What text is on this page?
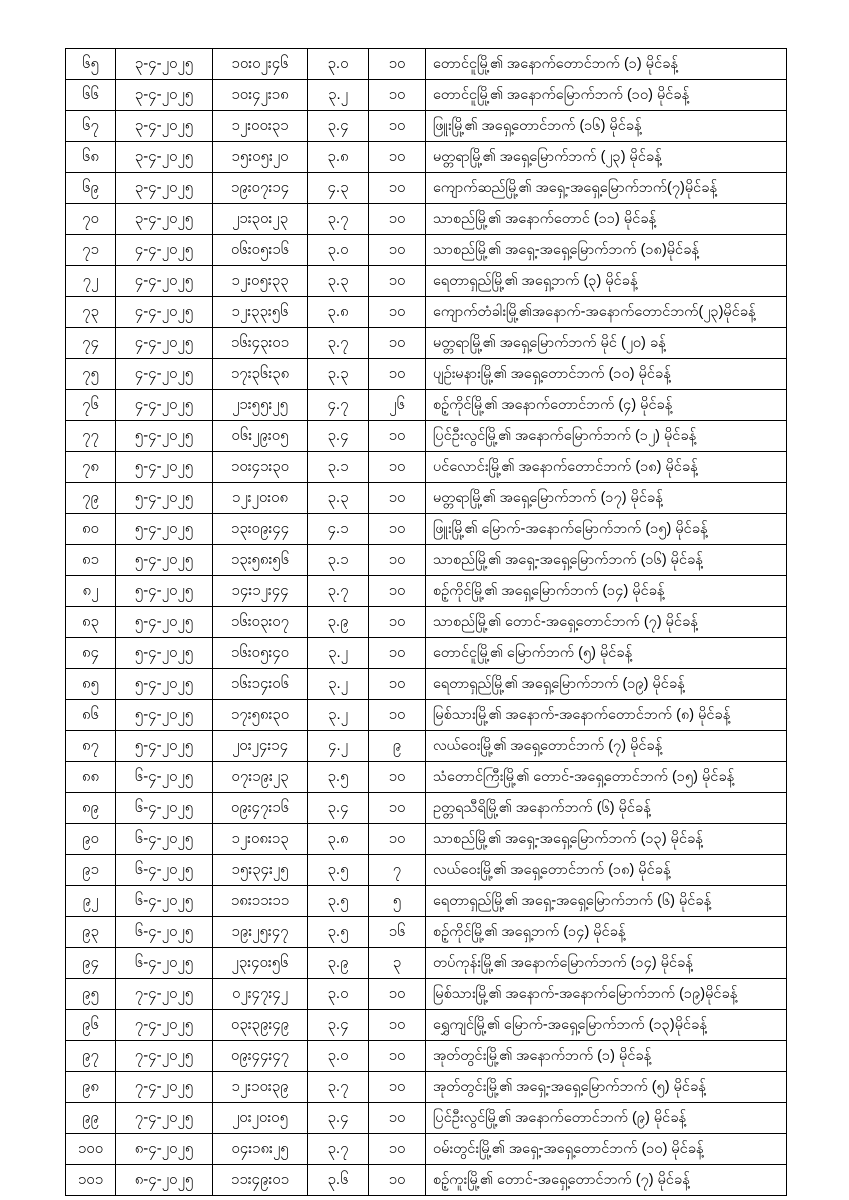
၆၅	၃-၄-၂၀၂၅	၁၀း၀၂း၄၆	၃.၀	၁၀	တောင်ငူမြို့၏ အနောက်တောင်ဘက် (၁) မိုင်ခန့်
၆၆	၃-၄-၂၀၂၅	၁၀း၄၂း၁၈	၃.၂	၁၀	တောင်ငူမြို့၏ အနောက်မြောက်ဘက် (၁၀) မိုင်ခန့်
၆၇	၃-၄-၂၀၂၅	၁၂း၀၀း၃၁	၃.၄	၁၀	ဖြူးမြို့၏ အရှေ့တောင်ဘက် (၁၆) မိုင်ခန့်
၆၈	၃-၄-၂၀၂၅	၁၅း၀၅း၂၀	၃.၈	၁၀	မတ္တရာမြို့၏ အရှေ့မြောက်ဘက် (၂၃) မိုင်ခန့်
၆၉	၃-၄-၂၀၂၅	၁၉း၀၇း၁၄	၄.၃	၁၀	ကျောက်ဆည်မြို့၏ အရှေ့-အရှေ့မြောက်ဘက်(၇)မိုင်ခန့်
၇၀	၃-၄-၂၀၂၅	၂၁း၃၀း၂၃	၃.၇	၁၀	သာစည်မြို့၏ အနောက်တောင် (၁၁) မိုင်ခန့်
၇၁	၄-၄-၂၀၂၅	၀၆း၀၅း၁၆	၃.၀	၁၀	သာစည်မြို့၏ အရှေ့-အရှေ့မြောက်ဘက် (၁၈)မိုင်ခန့်
၇၂	၄-၄-၂၀၂၅	၁၂း၀၅း၃၃	၃.၃	၁၀	ရေတာရှည်မြို့၏ အရှေ့ဘက် (၃) မိုင်ခန့်
၇၃	၄-၄-၂၀၂၅	၁၂း၃၃း၅၆	၃.၈	၁၀	ကျောက်တံခါးမြို့၏အနောက်-အနောက်တောင်ဘက်(၂၃)မိုင်ခန့်
၇၄	၄-၄-၂၀၂၅	၁၆း၄၃း၀၁	၃.၇	၁၀	မတ္တရာမြို့၏ အရှေ့မြောက်ဘက် မိုင် (၂၀) ခန့်
၇၅	၄-၄-၂၀၂၅	၁၇း၃၆း၃၈	၃.၃	၁၀	ပျဉ်းမနားမြို့၏ အရှေ့တောင်ဘက် (၁၀) မိုင်ခန့်
၇၆	၄-၄-၂၀၂၅	၂၁း၅၅း၂၅	၄.၇	၂၆	စဉ့်ကိုင်မြို့၏ အနောက်တောင်ဘက် (၄) မိုင်ခန့်
၇၇	၅-၄-၂၀၂၅	၀၆း၂၉း၀၅	၃.၄	၁၀	ပြင်ဦးလွင်မြို့၏ အနောက်မြောက်ဘက် (၁၂) မိုင်ခန့်
၇၈	၅-၄-၂၀၂၅	၁၀း၄၁း၃၀	၃.၁	၁၀	ပင်လောင်းမြို့၏ အနောက်တောင်ဘက် (၁၈) မိုင်ခန့်
၇၉	၅-၄-၂၀၂၅	၁၂း၂၀း၀၈	၃.၃	၁၀	မတ္တရာမြို့၏ အရှေ့မြောက်ဘက် (၁၇) မိုင်ခန့်
၈၀	၅-၄-၂၀၂၅	၁၃း၀၉း၄၄	၄.၁	၁၀	ဖြူးမြို့၏ မြောက်-အနောက်မြောက်ဘက် (၁၅) မိုင်ခန့်
၈၁	၅-၄-၂၀၂၅	၁၃း၅၈း၅၆	၃.၁	၁၀	သာစည်မြို့၏ အရှေ့-အရှေ့မြောက်ဘက် (၁၆) မိုင်ခန့်
၈၂	၅-၄-၂၀၂၅	၁၄း၁၂း၄၄	၃.၇	၁၀	စဉ့်ကိုင်မြို့၏ အရှေ့မြောက်ဘက် (၁၄) မိုင်ခန့်
၈၃	၅-၄-၂၀၂၅	၁၆း၀၃း၀၇	၃.၉	၁၀	သာစည်မြို့၏ တောင်-အရှေ့တောင်ဘက် (၇) မိုင်ခန့်
၈၄	၅-၄-၂၀၂၅	၁၆း၀၅း၄၀	၃.၂	၁၀	တောင်ငူမြို့၏ မြောက်ဘက် (၅) မိုင်ခန့်
၈၅	၅-၄-၂၀၂၅	၁၆း၁၄း၀၆	၃.၂	၁၀	ရေတာရှည်မြို့၏ အရှေ့မြောက်ဘက် (၁၉) မိုင်ခန့်
၈၆	၅-၄-၂၀၂၅	၁၇း၅၈း၃၀	၃.၂	၁၀	မြစ်သားမြို့၏ အနောက်-အနောက်တောင်ဘက် (၈) မိုင်ခန့်
၈၇	၅-၄-၂၀၂၅	၂၀း၂၄း၁၄	၄.၂	၉	လယ်ဝေးမြို့၏ အရှေ့တောင်ဘက် (၇) မိုင်ခန့်
၈၈	၆-၄-၂၀၂၅	၀၇း၁၉း၂၃	၃.၅	၁၀	သံတောင်ကြီးမြို့၏ တောင်-အရှေ့တောင်ဘက် (၁၅) မိုင်ခန့်
၈၉	၆-၄-၂၀၂၅	၀၉း၄၇း၁၆	၃.၄	၁၀	ဥတ္တရသီရိမြို့၏ အနောက်ဘက် (၆) မိုင်ခန့်
၉၀	၆-၄-၂၀၂၅	၁၂း၀၈း၁၃	၃.၈	၁၀	သာစည်မြို့၏ အရှေ့-အရှေ့မြောက်ဘက် (၁၃) မိုင်ခန့်
၉၁	၆-၄-၂၀၂၅	၁၅း၃၄း၂၅	၃.၅	၇	လယ်ဝေးမြို့၏ အရှေ့တောင်ဘက် (၁၈) မိုင်ခန့်
၉၂	၆-၄-၂၀၂၅	၁၈း၁၁း၁၁	၃.၅	၅	ရေတာရှည်မြို့၏ အရှေ့-အရှေ့မြောက်ဘက် (၆) မိုင်ခန့်
၉၃	၆-၄-၂၀၂၅	၁၉း၂၅း၄၇	၃.၅	၁၆	စဉ့်ကိုင်မြို့၏ အရှေ့ဘက် (၁၄) မိုင်ခန့်
၉၄	၆-၄-၂၀၂၅	၂၃း၄၀း၅၆	၃.၉	၃	တပ်ကုန်းမြို့၏ အနောက်မြောက်ဘက် (၁၄) မိုင်ခန့်
၉၅	၇-၄-၂၀၂၅	၀၂း၄၇း၄၂	၃.၀	၁၀	မြစ်သားမြို့၏ အနောက်-အနောက်မြောက်ဘက် (၁၉)မိုင်ခန့်
၉၆	၇-၄-၂၀၂၅	၀၃း၃၉း၄၉	၃.၄	၁၀	ရွှေကျင်မြို့၏ မြောက်-အရှေ့မြောက်ဘက် (၁၃)မိုင်ခန့်
၉၇	၇-၄-၂၀၂၅	၀၉း၄၄း၄၇	၃.၀	၁၀	အုတ်တွင်းမြို့၏ အနောက်ဘက် (၁) မိုင်ခန့်
၉၈	၇-၄-၂၀၂၅	၁၂း၁၀း၃၉	၃.၇	၁၀	အုတ်တွင်းမြို့၏ အရှေ့-အရှေ့မြောက်ဘက် (၅) မိုင်ခန့်
၉၉	၇-၄-၂၀၂၅	၂၀း၂၀း၀၅	၃.၄	၁၀	ပြင်ဦးလွင်မြို့၏ အနောက်တောင်ဘက် (၉) မိုင်ခန့်
၁၀၀	၈-၄-၂၀၂၅	၀၄း၁၈း၂၅	၃.၇	၁၀	ဝမ်းတွင်းမြို့၏ အရှေ့-အရှေ့တောင်ဘက် (၁၀) မိုင်ခန့်
၁၀၁	၈-၄-၂၀၂၅	၁၁း၄၉း၀၁	၃.၆	၁၀	စဉ့်ကူးမြို့၏ တောင်-အရှေ့တောင်ဘက် (၇) မိုင်ခန့်
